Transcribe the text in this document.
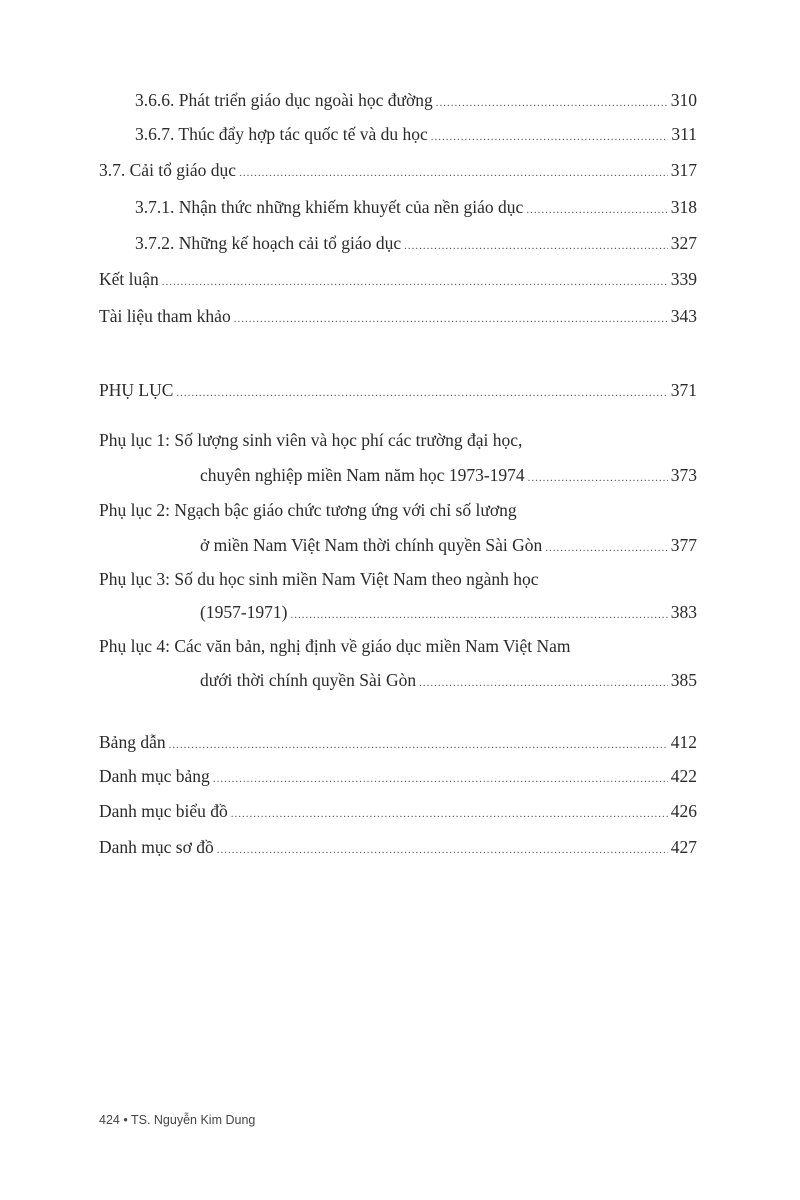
3.6.6. Phát triển giáo dục ngoài học đường .....	310
3.6.7. Thúc đẩy hợp tác quốc tế và du học .....	311
3.7. Cải tổ giáo dục .....	317
3.7.1. Nhận thức những khiếm khuyết của nền giáo dục .....	318
3.7.2. Những kế hoạch cải tổ giáo dục .....	327
Kết luận .....	339
Tài liệu tham khảo .....	343
PHỤ LỤC .....	371
Phụ lục 1: Số lượng sinh viên và học phí các trường đại học,
chuyên nghiệp miền Nam năm học 1973-1974 .....	373
Phụ lục 2: Ngạch bậc giáo chức tương ứng với chỉ số lương
ở miền Nam Việt Nam thời chính quyền Sài Gòn .....	377
Phụ lục 3: Số du học sinh miền Nam Việt Nam theo ngành học
(1957-1971) .....	383
Phụ lục 4: Các văn bản, nghị định về giáo dục miền Nam Việt Nam
dưới thời chính quyền Sài Gòn .....	385
Bảng dẫn .....	412
Danh mục bảng .....	422
Danh mục biểu đồ .....	426
Danh mục sơ đồ .....	427
424 • TS. Nguyễn Kim Dung
